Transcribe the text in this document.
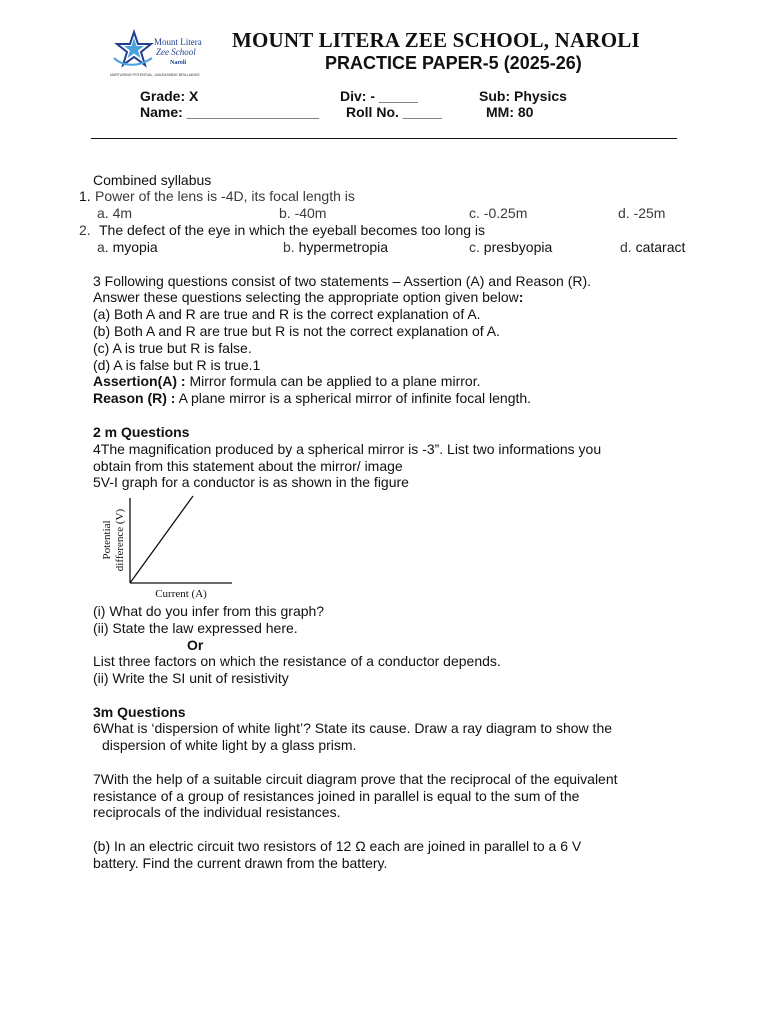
Mount Litera
Zee School
Naroli
NURTURING POTENTIAL, UNLEASHING BRILLIANCE
MOUNT LITERA ZEE SCHOOL, NAROLI
PRACTICE PAPER-5 (2025-26)
Grade: X	Div: - _____	Sub: Physics
Name: _________________ Roll No. _____	MM: 80
Combined syllabus
1. Power of the lens is -4D, its focal length is
a. 4m	b. -40m	c. -0.25m	d. -25m
2. The defect of the eye in which the eyeball becomes too long is
a. myopia	b. hypermetropia	c. presbyopia	d. cataract
3 Following questions consist of two statements – Assertion (A) and Reason (R).
Answer these questions selecting the appropriate option given below:
(a) Both A and R are true and R is the correct explanation of A.
(b) Both A and R are true but R is not the correct explanation of A.
(c) A is true but R is false.
(d) A is false but R is true.1
Assertion(A) : Mirror formula can be applied to a plane mirror.
Reason (R) : A plane mirror is a spherical mirror of infinite focal length.
2 m Questions
4The magnification produced by a spherical mirror is -3”. List two informations you
obtain from this statement about the mirror/ image
5V-I graph for a conductor is as shown in the figure
Potential difference (V)
Current (A)
(i) What do you infer from this graph?
(ii) State the law expressed here.
Or
List three factors on which the resistance of a conductor depends.
(ii) Write the SI unit of resistivity
3m Questions
6What is ‘dispersion of white light’? State its cause. Draw a ray diagram to show the
dispersion of white light by a glass prism.
7With the help of a suitable circuit diagram prove that the reciprocal of the equivalent
resistance of a group of resistances joined in parallel is equal to the sum of the
reciprocals of the individual resistances.
(b) In an electric circuit two resistors of 12 Ω each are joined in parallel to a 6 V
battery. Find the current drawn from the battery.
